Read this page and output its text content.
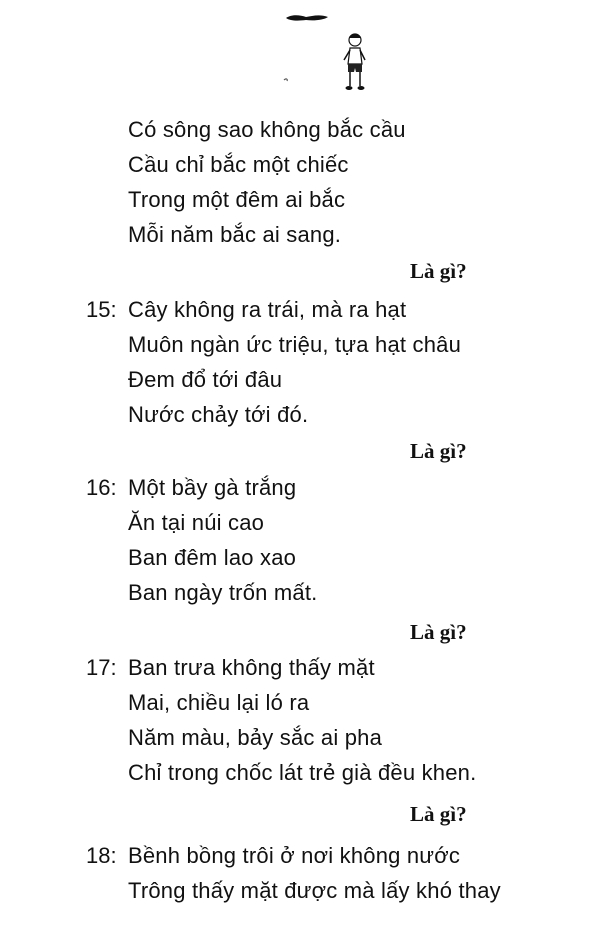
Có sông sao không bắc cầu
Cầu chỉ bắc một chiếc
Trong một đêm ai bắc
Mỗi năm bắc ai sang.
Là gì?
15: Cây không ra trái, mà ra hạt
Muôn ngàn ức triệu, tựa hạt châu
Đem đổ tới đâu
Nước chảy tới đó.
Là gì?
16: Một bầy gà trắng
Ăn tại núi cao
Ban đêm lao xao
Ban ngày trốn mất.
Là gì?
17: Ban trưa không thấy mặt
Mai, chiều lại ló ra
Năm màu, bảy sắc ai pha
Chỉ trong chốc lát trẻ già đều khen.
Là gì?
18: Bềnh bồng trôi ở nơi không nước
Trông thấy mặt được mà lấy khó thay
